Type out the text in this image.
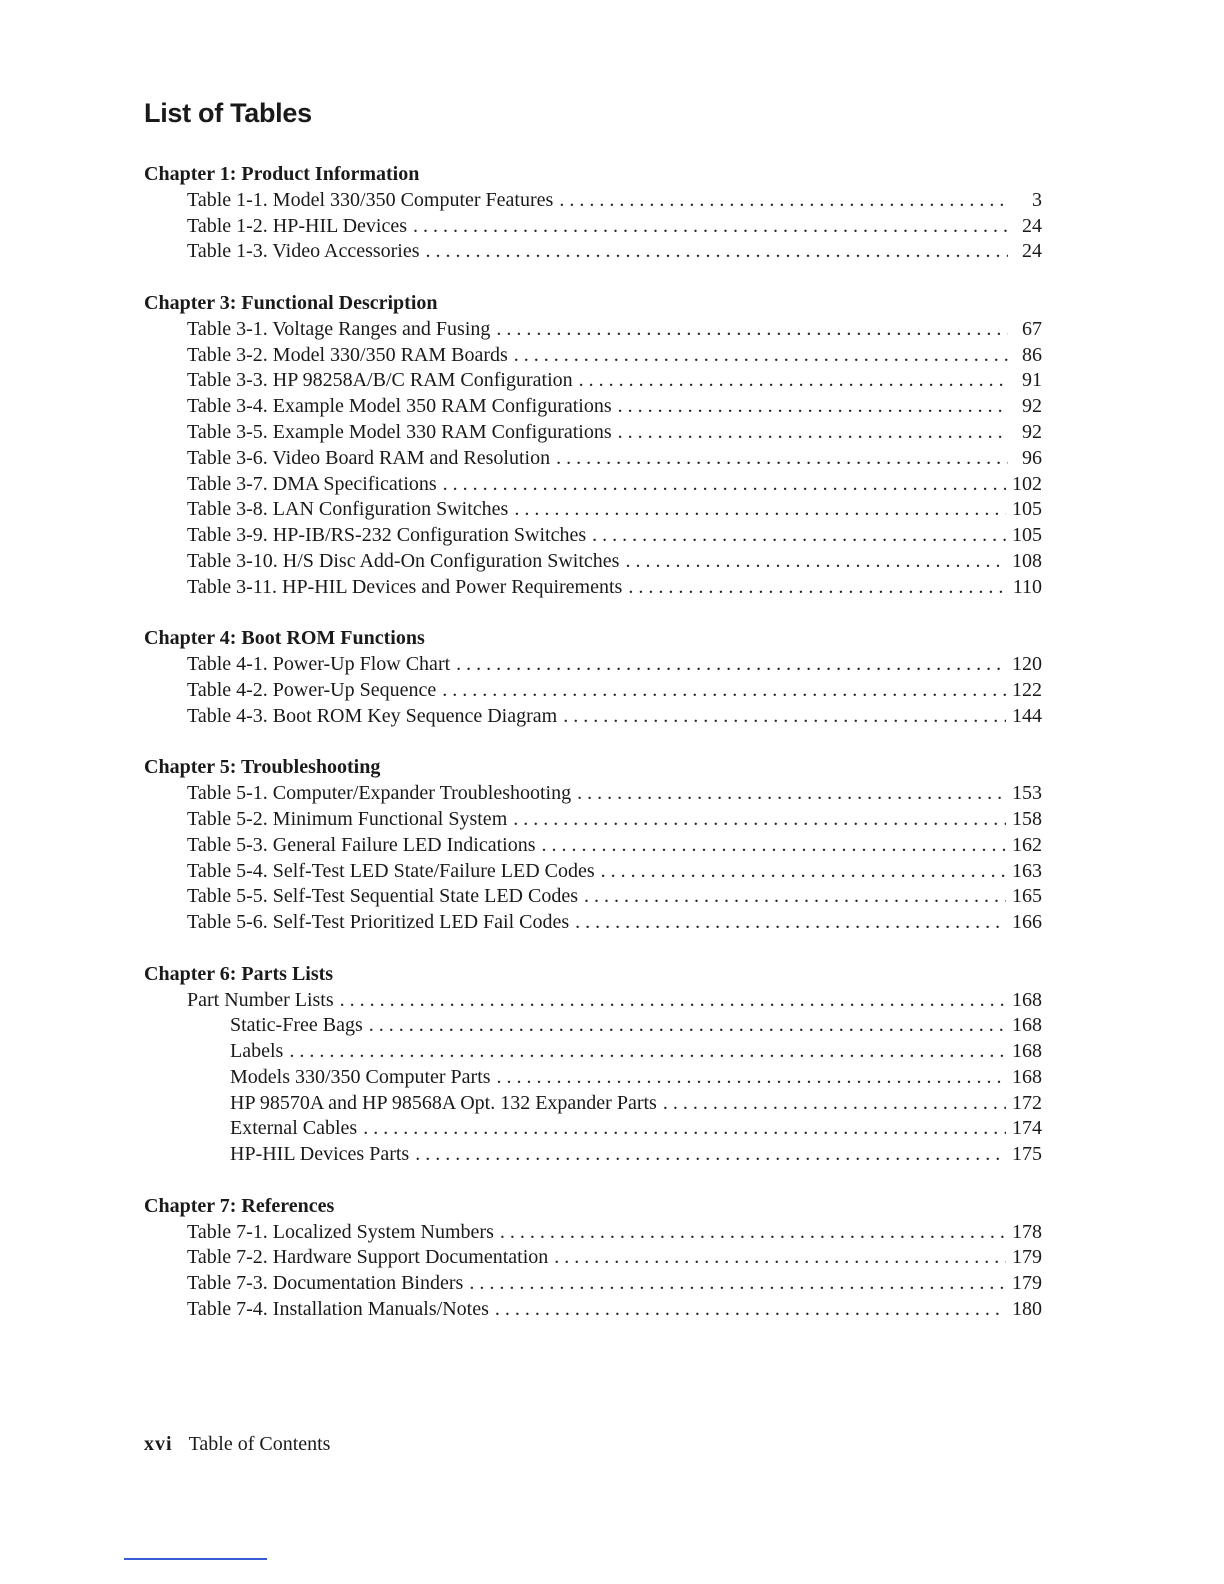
List of Tables
Chapter 1: Product Information
Table 1-1. Model 330/350 Computer Features . . .	3
Table 1-2. HP-HIL Devices . . .	24
Table 1-3. Video Accessories . . .	24
Chapter 3: Functional Description
Table 3-1. Voltage Ranges and Fusing . . .	67
Table 3-2. Model 330/350 RAM Boards . . .	86
Table 3-3. HP 98258A/B/C RAM Configuration . . .	91
Table 3-4. Example Model 350 RAM Configurations . . .	92
Table 3-5. Example Model 330 RAM Configurations . . .	92
Table 3-6. Video Board RAM and Resolution . . .	96
Table 3-7. DMA Specifications . . .	102
Table 3-8. LAN Configuration Switches . . .	105
Table 3-9. HP-IB/RS-232 Configuration Switches . . .	105
Table 3-10. H/S Disc Add-On Configuration Switches . . .	108
Table 3-11. HP-HIL Devices and Power Requirements . . .	110
Chapter 4: Boot ROM Functions
Table 4-1. Power-Up Flow Chart . . .	120
Table 4-2. Power-Up Sequence . . .	122
Table 4-3. Boot ROM Key Sequence Diagram . . .	144
Chapter 5: Troubleshooting
Table 5-1. Computer/Expander Troubleshooting . . .	153
Table 5-2. Minimum Functional System . . .	158
Table 5-3. General Failure LED Indications . . .	162
Table 5-4. Self-Test LED State/Failure LED Codes . . .	163
Table 5-5. Self-Test Sequential State LED Codes . . .	165
Table 5-6. Self-Test Prioritized LED Fail Codes . . .	166
Chapter 6: Parts Lists
Part Number Lists . . .	168
Static-Free Bags . . .	168
Labels . . .	168
Models 330/350 Computer Parts . . .	168
HP 98570A and HP 98568A Opt. 132 Expander Parts . . .	172
External Cables . . .	174
HP-HIL Devices Parts . . .	175
Chapter 7: References
Table 7-1. Localized System Numbers . . .	178
Table 7-2. Hardware Support Documentation . . .	179
Table 7-3. Documentation Binders . . .	179
Table 7-4. Installation Manuals/Notes . . .	180
xvi Table of Contents
